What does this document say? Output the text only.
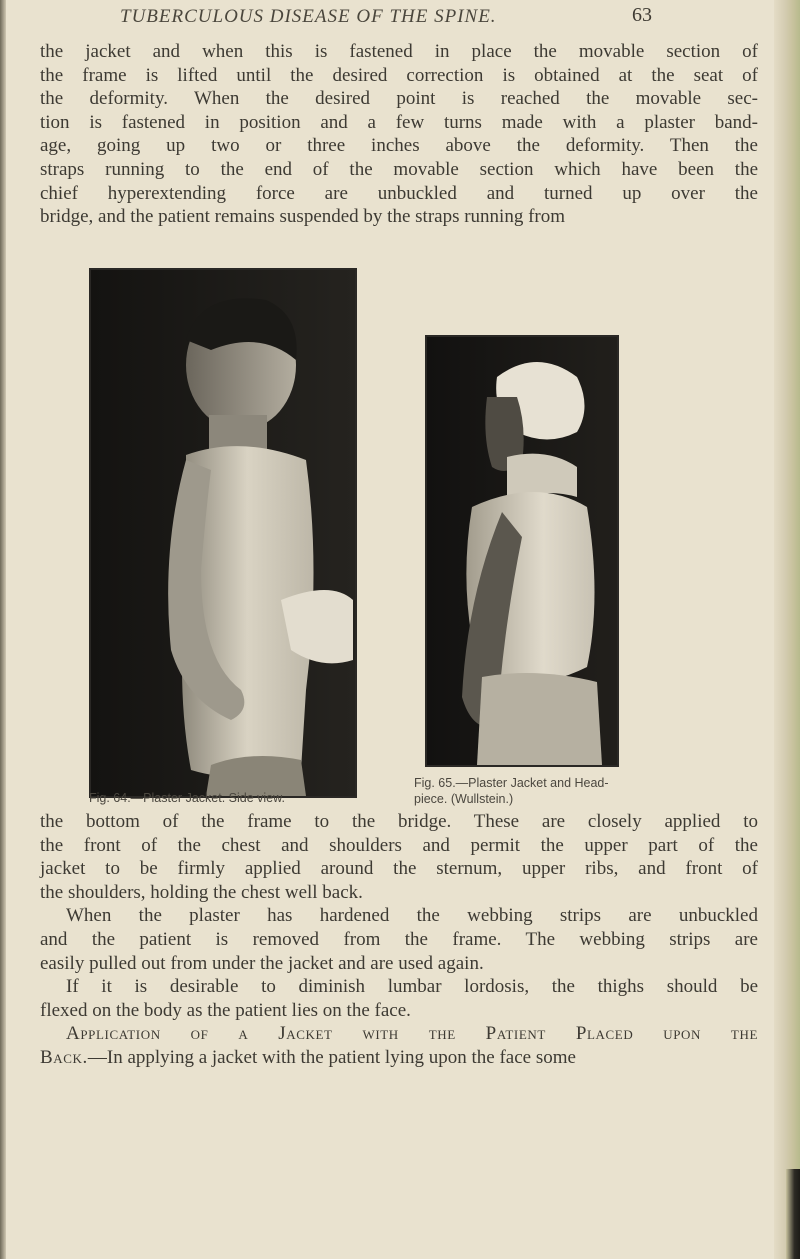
TUBERCULOUS DISEASE OF THE SPINE.	63

the jacket and when this is fastened in place the movable section of

the frame is lifted until the desired correction is obtained at the seat of

the deformity. When the desired point is reached the movable sec-

tion is fastened in position and a few turns made with a plaster band-

age, going up two or three inches above the deformity. Then the

straps running to the end of the movable section which have been the

chief hyperextending force are unbuckled and turned up over the

bridge, and the patient remains suspended by the straps running from

Fig. 64.—Plaster Jacket. Side view.
Fig. 65.—Plaster Jacket and Head-
piece. (Wullstein.)

the bottom of the frame to the bridge. These are closely applied to

the front of the chest and shoulders and permit the upper part of the

jacket to be firmly applied around the sternum, upper ribs, and front of

the shoulders, holding the chest well back.

When the plaster has hardened the webbing strips are unbuckled

and the patient is removed from the frame. The webbing strips are

easily pulled out from under the jacket and are used again.

If it is desirable to diminish lumbar lordosis, the thighs should be

flexed on the body as the patient lies on the face.

Application of a Jacket with the Patient Placed upon the

Back.—In applying a jacket with the patient lying upon the face some
